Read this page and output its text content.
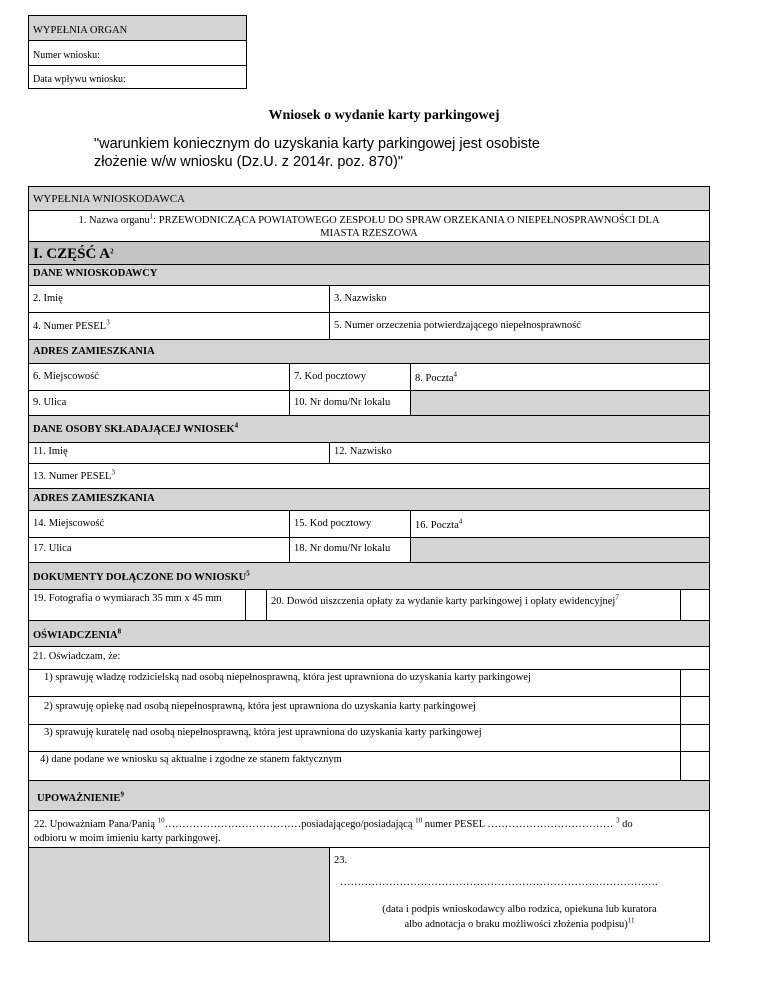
WYPEŁNIA ORGAN
Numer wniosku:
Data wpływu wniosku:
Wniosek o wydanie karty parkingowej
"warunkiem koniecznym do uzyskania karty parkingowej jest osobiste
złożenie w/w wniosku (Dz.U. z 2014r. poz. 870)"
WYPEŁNIA WNIOSKODAWCA
1. Nazwa organu$^1$: PRZEWODNICZĄCA POWIATOWEGO ZESPOŁU DO SPRAW ORZEKANIA O NIEPEŁNOSPRAWNOŚCI DLA
MIASTA RZESZOWA
I. CZĘŚĆ $A^2$
DANE WNIOSKODAWCY
2. Imię	3. Nazwisko
4. Numer PESEL$^3$	5. Numer orzeczenia potwierdzającego niepełnosprawność
ADRES ZAMIESZKANIA
6. Miejscowość	7. Kod pocztowy	8. Poczta$^4$
9. Ulica	10. Nr domu/Nr lokalu
DANE OSOBY SKŁADAJĄCEJ WNIOSEK$^4$
11. Imię	12. Nazwisko
13. Numer PESEL$^3$
ADRES ZAMIESZKANIA
14. Miejscowość	15. Kod pocztowy	16. Poczta$^4$
17. Ulica	18. Nr domu/Nr lokalu
DOKUMENTY DOŁĄCZONE DO WNIOSKU$^5$
19. Fotografia o wymiarach 35 mm x 45 mm	20. Dowód uiszczenia opłaty za wydanie karty parkingowej i opłaty ewidencyjnej$^7$
OŚWIADCZENIA$^8$
21. Oświadczam, że:
1) sprawuję władzę rodzicielską nad osobą niepełnosprawną, która jest uprawniona do uzyskania karty parkingowej
2) sprawuję opiekę nad osobą niepełnosprawną, która jest uprawniona do uzyskania karty parkingowej
3) sprawuję kuratelę nad osobą niepełnosprawną, która jest uprawniona do uzyskania karty parkingowej
4) dane podane we wniosku są aktualne i zgodne ze stanem faktycznym
UPOWAŻNIENIE$^9$
22. Upoważniam Pana/Panią $^{10}$…………………………………posiadającego/posiadającą $^{10}$ numer PESEL ……………………………… $^3$ do
odbioru w moim imieniu karty parkingowej.
23.
……………………………………………………………………………….
(data i podpis wnioskodawcy albo rodzica, opiekuna lub kuratora
albo adnotacja o braku możliwości złożenia podpisu)$^{11}$
